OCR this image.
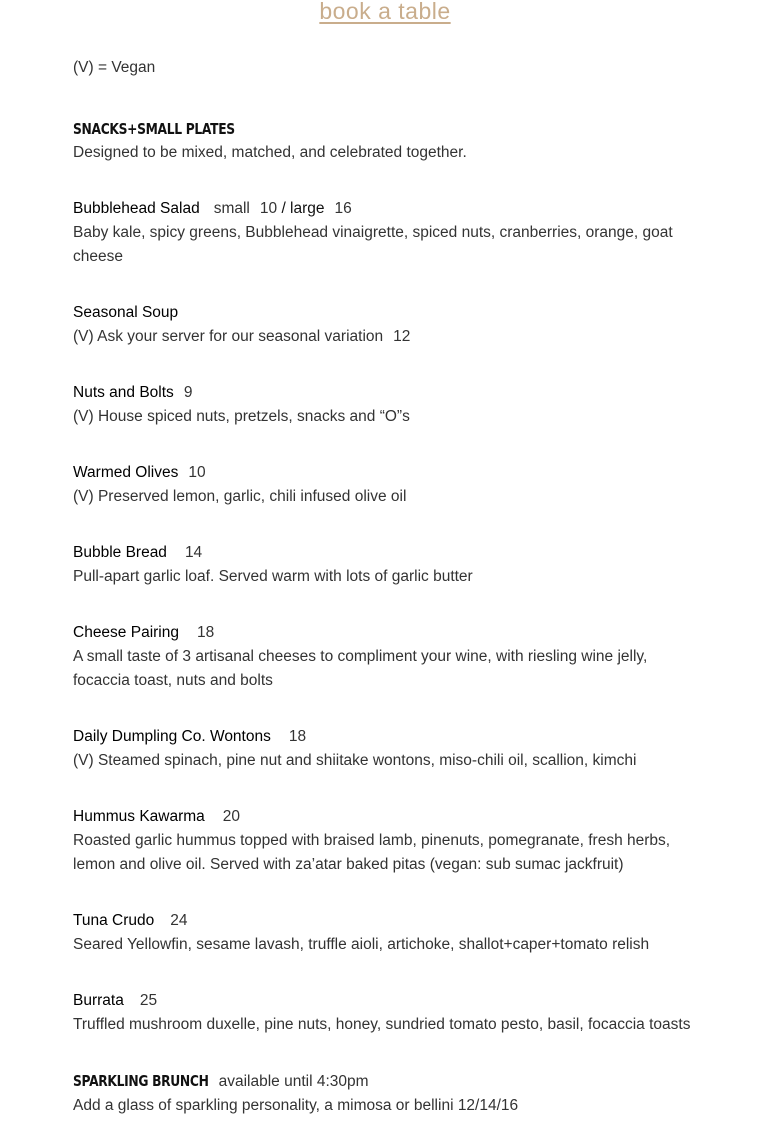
book a table

(V) = Vegan

SNACKS+SMALL PLATES
Designed to be mixed, matched, and celebrated together.
Bubblehead Salad small 10 / large 16
Baby kale, spicy greens, Bubblehead vinaigrette, spiced nuts, cranberries, orange, goat cheese
Seasonal Soup
(V) Ask your server for our seasonal variation 12
Nuts and Bolts 9
(V) House spiced nuts, pretzels, snacks and “O”s
Warmed Olives 10
(V) Preserved lemon, garlic, chili infused olive oil
Bubble Bread 14
Pull-apart garlic loaf. Served warm with lots of garlic butter
Cheese Pairing 18
A small taste of 3 artisanal cheeses to compliment your wine, with riesling wine jelly, focaccia toast, nuts and bolts
Daily Dumpling Co. Wontons 18
(V) Steamed spinach, pine nut and shiitake wontons, miso-chili oil, scallion, kimchi
Hummus Kawarma 20
Roasted garlic hummus topped with braised lamb, pinenuts, pomegranate, fresh herbs, lemon and olive oil. Served with za’atar baked pitas (vegan: sub sumac jackfruit)
Tuna Crudo 24
Seared Yellowfin, sesame lavash, truffle aioli, artichoke, shallot+caper+tomato relish
Burrata 25
Truffled mushroom duxelle, pine nuts, honey, sundried tomato pesto, basil, focaccia toasts
SPARKLING BRUNCH available until 4:30pm
Add a glass of sparkling personality, a mimosa or bellini 12/14/16
